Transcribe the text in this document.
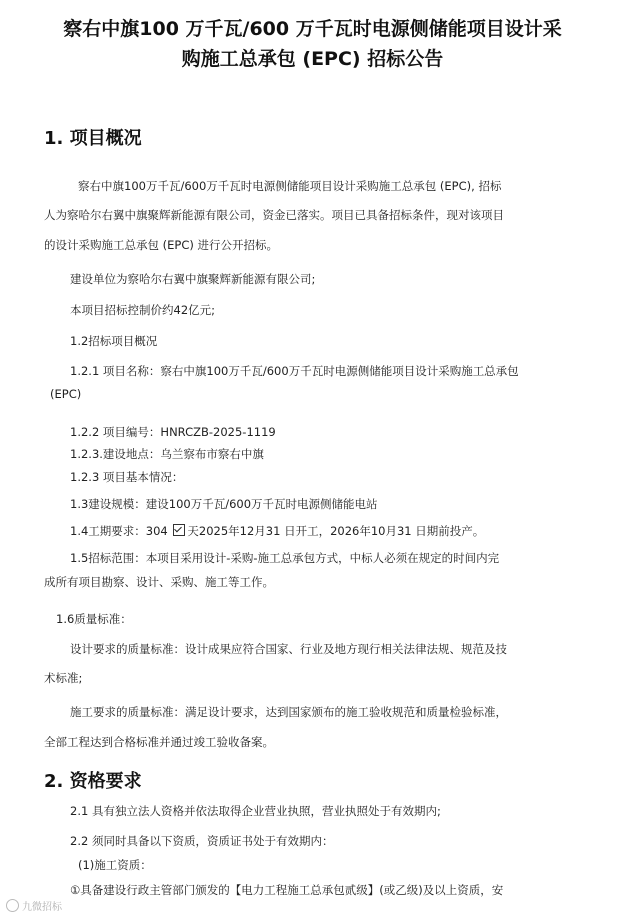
察右中旗100 万千瓦/600 万千瓦时电源侧储能项目设计采
购施工总承包 (EPC) 招标公告
1. 项目概况
察右中旗100万千瓦/600万千瓦时电源侧储能项目设计采购施工总承包 (EPC), 招标
人为察哈尔右翼中旗聚辉新能源有限公司，资金已落实。项目已具备招标条件，现对该项目
的设计采购施工总承包 (EPC) 进行公开招标。
建设单位为察哈尔右翼中旗聚辉新能源有限公司;
本项目招标控制价约42亿元;
1.2招标项目概况
1.2.1 项目名称：察右中旗100万千瓦/600万千瓦时电源侧储能项目设计采购施工总承包
(EPC)
1.2.2 项目编号：HNRCZB-2025-1119
1.2.3.建设地点：乌兰察布市察右中旗
1.2.3 项目基本情况：
1.3建设规模：建设100万千瓦/600万千瓦时电源侧储能电站
1.4工期要求：304 天2025年12月31 日开工，2026年10月31 日期前投产。
1.5招标范围：本项目采用设计-采购-施工总承包方式，中标人必须在规定的时间内完
成所有项目勘察、设计、采购、施工等工作。
1.6质量标准：
设计要求的质量标准：设计成果应符合国家、行业及地方现行相关法律法规、规范及技
术标准;
施工要求的质量标准：满足设计要求，达到国家颁布的施工验收规范和质量检验标准，
全部工程达到合格标准并通过竣工验收备案。
2. 资格要求
2.1 具有独立法人资格并依法取得企业营业执照，营业执照处于有效期内;
2.2 须同时具备以下资质，资质证书处于有效期内：
(1)施工资质：
①具备建设行政主管部门颁发的【电力工程施工总承包贰级】(或乙级)及以上资质，安
九微招标
